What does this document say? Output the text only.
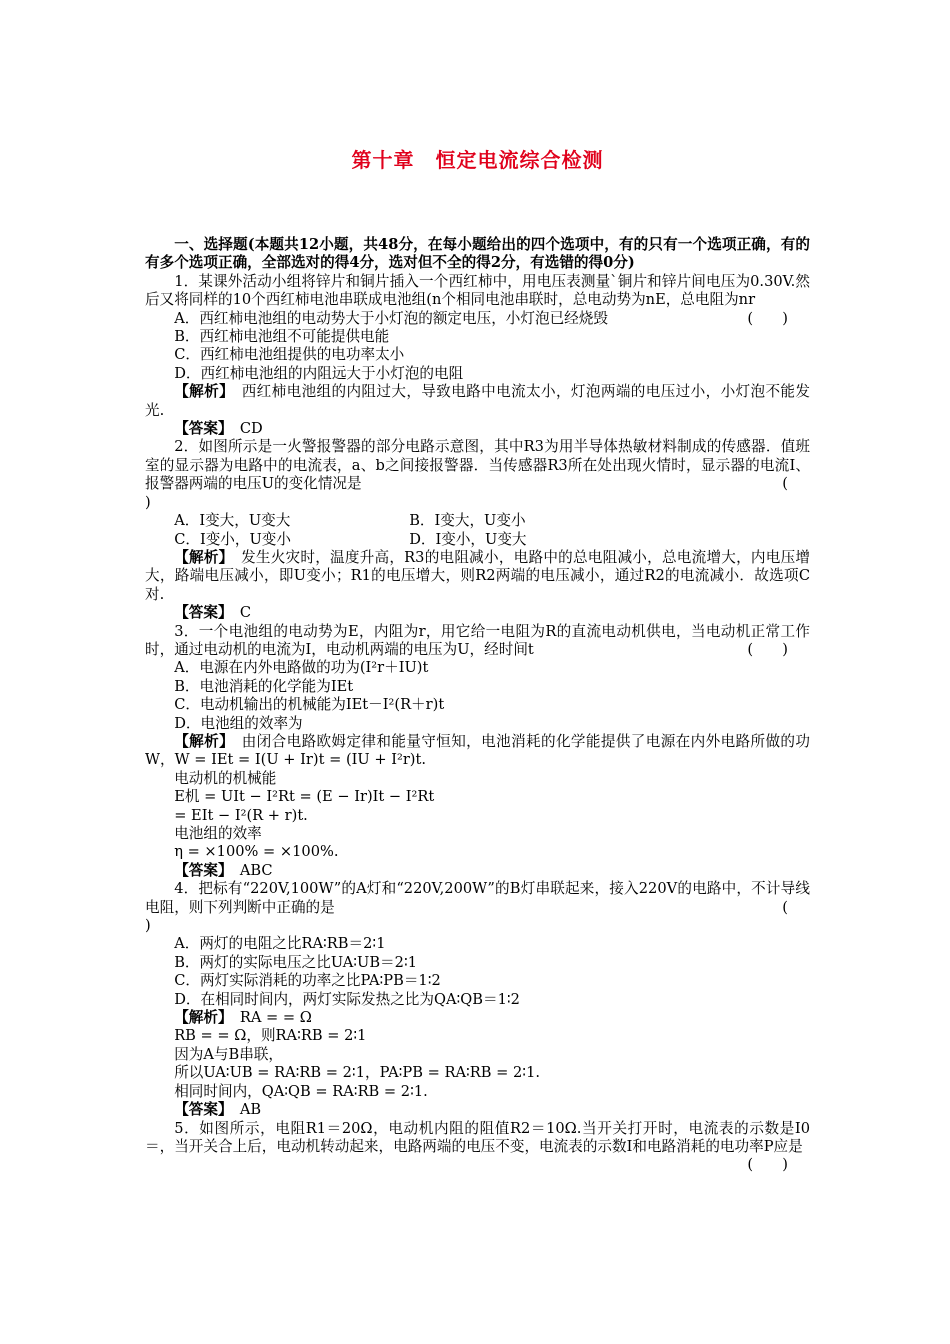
第十章　恒定电流综合检测

一、选择题(本题共12小题，共48分，在每小题给出的四个选项中，有的只有一个选项正确，有的有多个选项正确，全部选对的得4分，选对但不全的得2分，有选错的得0分)

1．某课外活动小组将锌片和铜片插入一个西红柿中，用电压表测量`铜片和锌片间电压为0.30V.然后又将同样的10个西红柿电池串联成电池组(n个相同电池串联时，总电动势为nE，总电阻为nr
(　　)

A．西红柿电池组的电动势大于小灯泡的额定电压，小灯泡已经烧毁

B．西红柿电池组不可能提供电能

C．西红柿电池组提供的电功率太小

D．西红柿电池组的内阻远大于小灯泡的电阻

【解析】　 西红柿电池组的内阻过大，导致电路中电流太小，灯泡两端的电压过小，小灯泡不能发光.

【答案】　 CD

2．如图所示是一火警报警器的部分电路示意图，其中R3为用半导体热敏材料制成的传感器．值班室的显示器为电路中的电流表，a、b之间接报警器．当传感器R3所在处出现火情时，显示器的电流I、报警器两端的电压U的变化情况是	(

)

A．I变大，U变大	B．I变大，U变小
C．I变小，U变小	D．I变小，U变大

【解析】　 发生火灾时，温度升高，R3的电阻减小，电路中的总电阻减小，总电流增大，内电压增大，路端电压减小，即U变小；R1的电压增大，则R2两端的电压减小，通过R2的电流减小．故选项C对.

【答案】　 C

3．一个电池组的电动势为E，内阻为r，用它给一电阻为R的直流电动机供电，当电动机正常工作时，通过电动机的电流为I，电动机两端的电压为U，经时间t	(　　)

A．电源在内外电路做的功为(I²r＋IU)t

B．电池消耗的化学能为IEt

C．电动机输出的机械能为IEt－I²(R＋r)t

D．电池组的效率为

【解析】　 由闭合电路欧姆定律和能量守恒知，电池消耗的化学能提供了电源在内外电路所做的功W，W = IEt = I(U + Ir)t = (IU + I²r)t.

电动机的机械能

E机 = UIt − I²Rt = (E − Ir)It − I²Rt

= EIt − I²(R + r)t.

电池组的效率

η = ×100% = ×100%.

【答案】　 ABC

4．把标有“220V,100W”的A灯和“220V,200W”的B灯串联起来，接入220V的电路中，不计导线电阻，则下列判断中正确的是	(

)

A．两灯的电阻之比RA∶RB＝2∶1

B．两灯的实际电压之比UA∶UB＝2∶1

C．两灯实际消耗的功率之比PA∶PB＝1∶2

D．在相同时间内，两灯实际发热之比为QA∶QB＝1∶2

【解析】　 RA = = Ω

RB = = Ω，则RA∶RB = 2∶1

因为A与B串联，

所以UA∶UB = RA∶RB = 2∶1，PA∶PB = RA∶RB = 2∶1.

相同时间内，QA∶QB = RA∶RB = 2∶1.

【答案】　 AB

5．如图所示，电阻R1＝20Ω，电动机内阻的阻值R2＝10Ω.当开关打开时，电流表的示数是I0＝，当开关合上后，电动机转动起来，电路两端的电压不变，电流表的示数I和电路消耗的电功率P应是
(　　)
